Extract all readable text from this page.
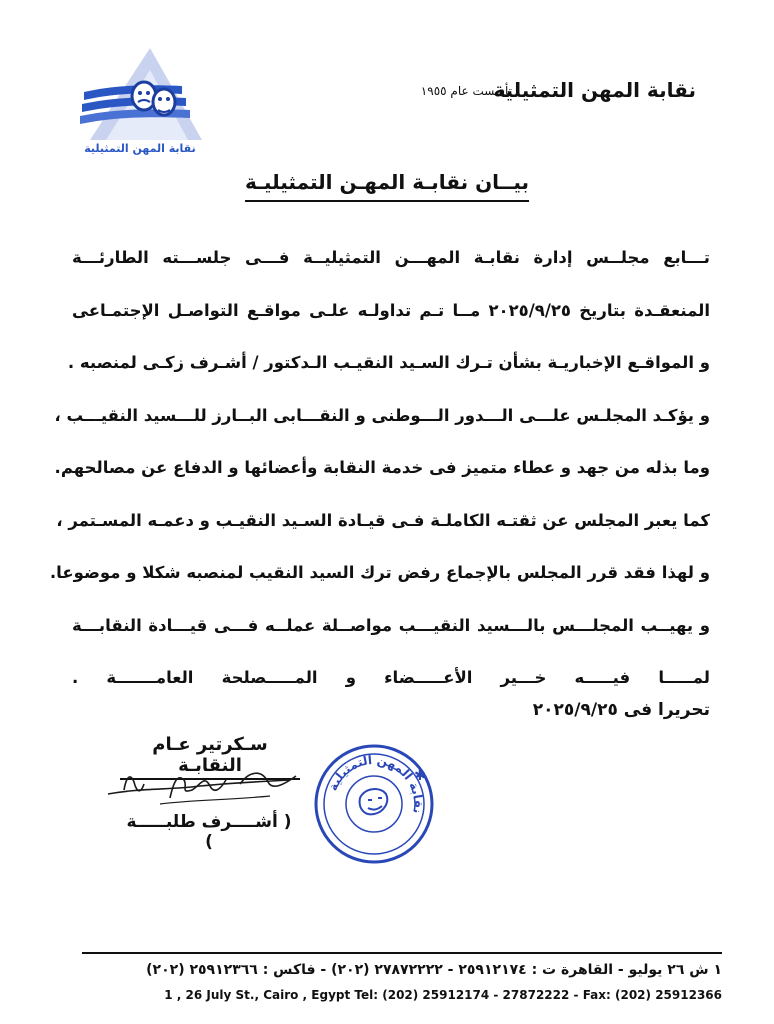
نقابة المهن التمثيلية
نقابة المهن التمثيلية
تأسست عام ١٩٥٥
بيــان نقابـة المهـن التمثيليـة

تـــابع مجلــس إدارة نقابـة المهـــن التمثيليــة فـــى جلســـته الطارئـــة

المنعقـدة بتاريخ ٢٠٢٥/٩/٢٥ مــا تـم تداولـه علـى مواقـع التواصـل الإجتمـاعى

و المواقـع الإخباريـة بشأن تـرك السـيد النقيـب الـدكتور / أشـرف زكـى لمنصبه .

و يؤكـد المجلـس علـــى الـــدور الـــوطنى و النقـــابى البــارز للـــسيد النقيـــب ،

وما بذله من جهد و عطاء متميز فى خدمة النقابة وأعضائها و الدفاع عن مصالحهم.

كما يعبر المجلس عن ثقتـه الكاملـة فـى قيـادة السـيد النقيـب و دعمـه المسـتمر ،

و لهذا فقد قرر المجلس بالإجماع رفض ترك السيد النقيب لمنصبه شكلا و موضوعا.

و يهيــب المجلـــس بالـــسيد النقيـــب مواصــلة عملــه فـــى قيـــادة النقابـــة

لمـــــا فيـــــه خـــير الأعـــــضاء و المـــــصلحة العامـــــــة .

تحريرا فى ٢٠٢٥/٩/٢٥
سـكرتير عـام النقابـة
( أشــــرف طلبـــــة )
نقابة المهن التمثيلية
✱
١ ش ٢٦ يوليو - القاهرة ت : ٢٥٩١٢١٧٤ - ٢٧٨٧٢٢٢٢ (٢٠٢) - فاكس : ٢٥٩١٢٣٦٦ (٢٠٢)
1 , 26 July St., Cairo , Egypt Tel: (202) 25912174 - 27872222 - Fax: (202) 25912366
